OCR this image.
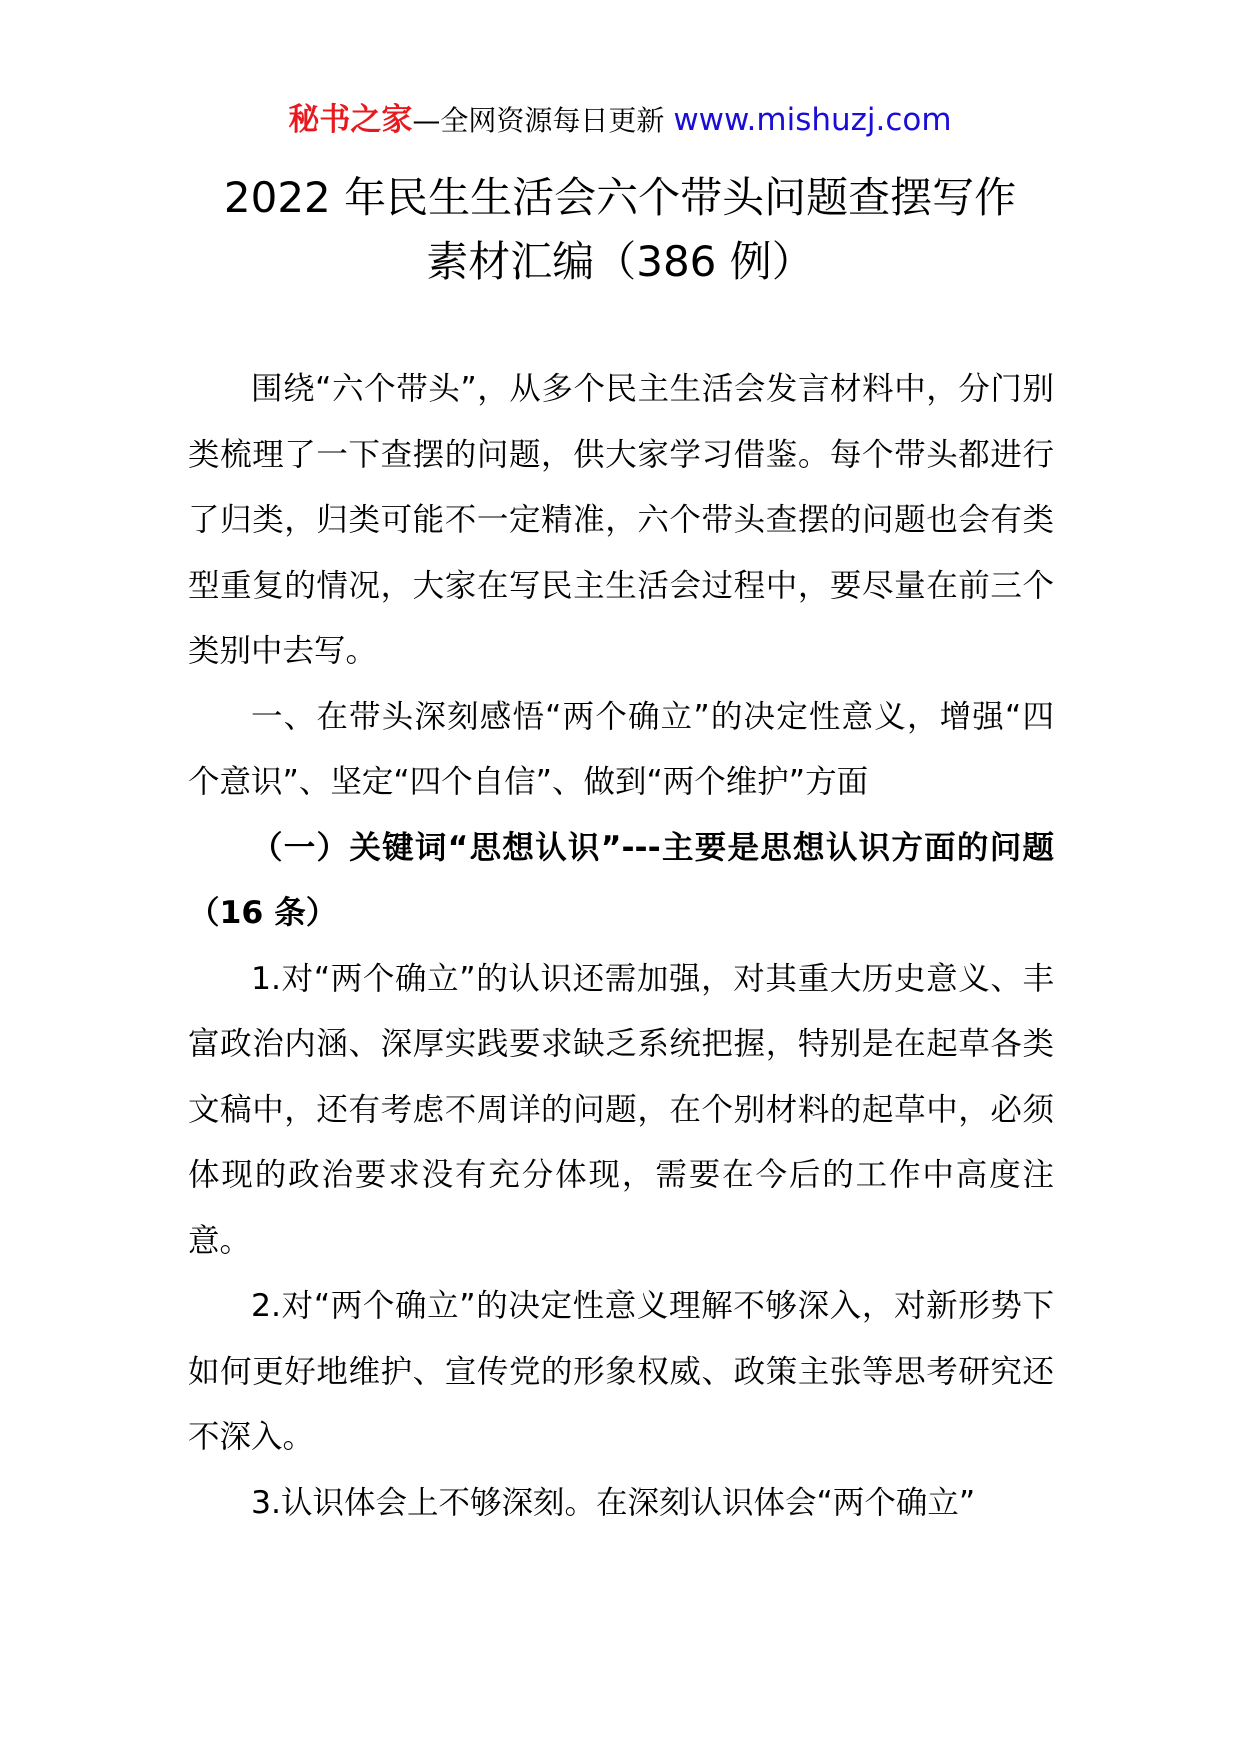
秘书之家—全网资源每日更新 www.mishuzj.com
2022 年民生生活会六个带头问题查摆写作
素材汇编（386 例）

围绕“六个带头”，从多个民主生活会发言材料中，分门别类梳理了一下查摆的问题，供大家学习借鉴。每个带头都进行了归类，归类可能不一定精准，六个带头查摆的问题也会有类型重复的情况，大家在写民主生活会过程中，要尽量在前三个类别中去写。

一、在带头深刻感悟“两个确立”的决定性意义，增强“四个意识”、坚定“四个自信”、做到“两个维护”方面

（一）关键词“思想认识”---主要是思想认识方面的问题（16 条）

1.对“两个确立”的认识还需加强，对其重大历史意义、丰富政治内涵、深厚实践要求缺乏系统把握，特别是在起草各类文稿中，还有考虑不周详的问题，在个别材料的起草中，必须体现的政治要求没有充分体现，需要在今后的工作中高度注意。

2.对“两个确立”的决定性意义理解不够深入，对新形势下如何更好地维护、宣传党的形象权威、政策主张等思考研究还不深入。

3.认识体会上不够深刻。在深刻认识体会“两个确立”
